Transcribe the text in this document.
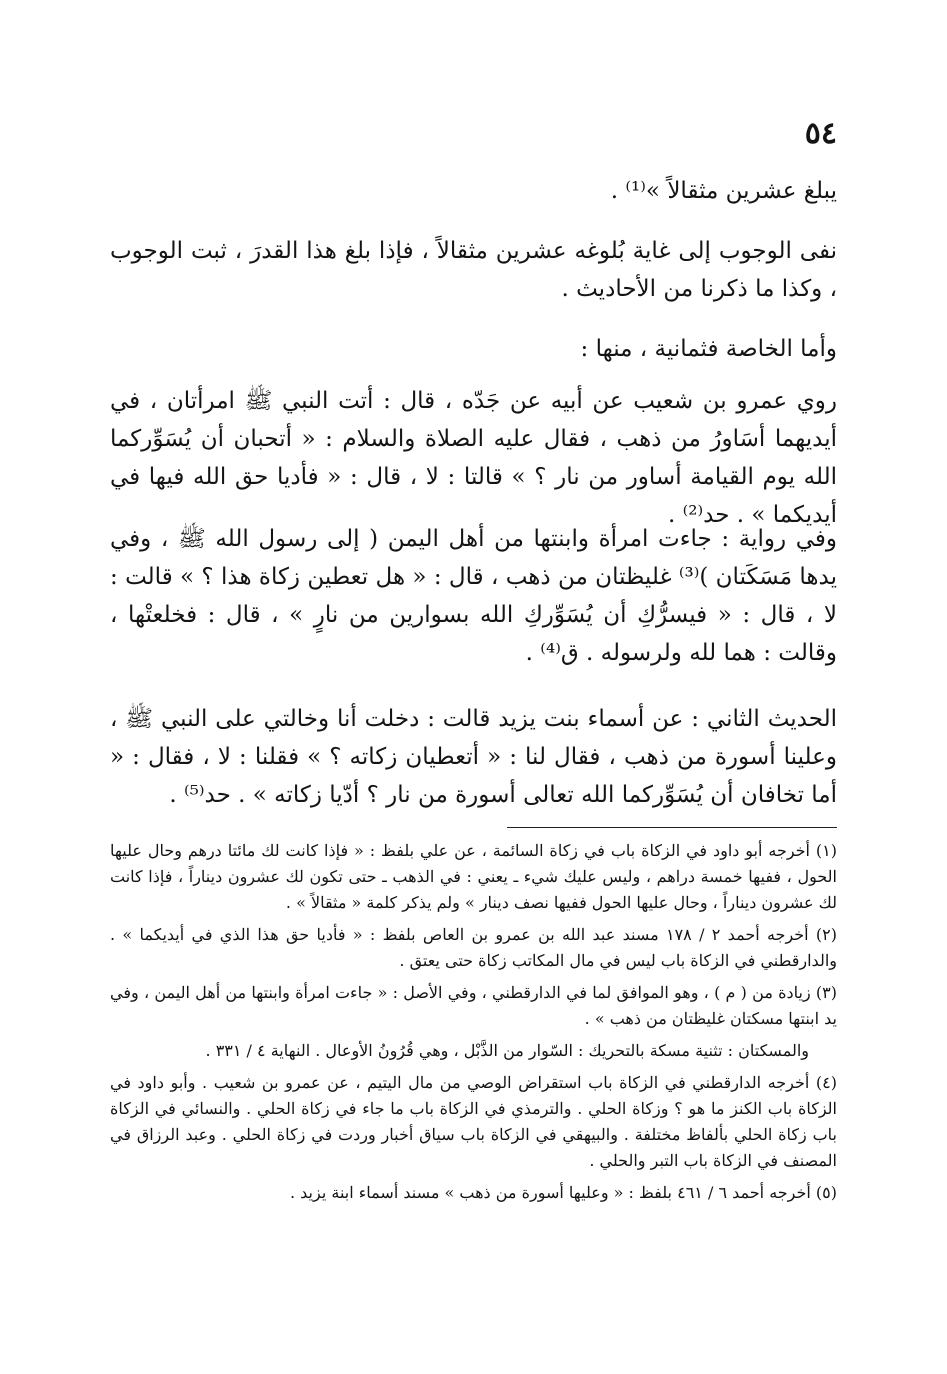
٥٤

يبلغ عشرين مثقالاً »⁽¹⁾ .

نفى الوجوب إلى غاية بُلوغه عشرين مثقالاً ، فإذا بلغ هذا القدرَ ، ثبت الوجوب ، وكذا ما ذكرنا من الأحاديث .

وأما الخاصة فثمانية ، منها :

روي عمرو بن شعيب عن أبيه عن جَدّه ، قال : أتت النبي ﷺ امرأتان ، في أيديهما أسَاورُ من ذهب ، فقال عليه الصلاة والسلام : « أتحبان أن يُسَوِّركما الله يوم القيامة أساور من نار ؟ » قالتا : لا ، قال : « فأديا حق الله فيها في أيديكما » . حد⁽²⁾ .

وفي رواية : جاءت امرأة وابنتها من أهل اليمن ( إلى رسول الله ﷺ ، وفي يدها مَسَكَتان )⁽³⁾ غليظتان من ذهب ، قال : « هل تعطين زكاة هذا ؟ » قالت : لا ، قال : « فيسرُّكِ أن يُسَوِّركِ الله بسوارين من نارٍ » ، قال : فخلعتْها ، وقالت : هما لله ولرسوله . ق⁽⁴⁾ .

الحديث الثاني : عن أسماء بنت يزيد قالت : دخلت أنا وخالتي على النبي ﷺ ، وعلينا أسورة من ذهب ، فقال لنا : « أتعطيان زكاته ؟ » فقلنا : لا ، فقال : « أما تخافان أن يُسَوِّركما الله تعالى أسورة من نار ؟ أدّيا زكاته » . حد⁽⁵⁾ .

(١) أخرجه أبو داود في الزكاة باب في زكاة السائمة ، عن علي بلفظ : « فإذا كانت لك مائتا درهم وحال عليها الحول ، ففيها خمسة دراهم ، وليس عليك شيء ـ يعني : في الذهب ـ حتى تكون لك عشرون ديناراً ، فإذا كانت لك عشرون ديناراً ، وحال عليها الحول ففيها نصف دينار » ولم يذكر كلمة « مثقالاً » .
(٢) أخرجه أحمد ٢ / ١٧٨ مسند عبد الله بن عمرو بن العاص بلفظ : « فأديا حق هذا الذي في أيديكما » . والدارقطني في الزكاة باب ليس في مال المكاتب زكاة حتى يعتق .
(٣) زيادة من ( م ) ، وهو الموافق لما في الدارقطني ، وفي الأصل : « جاءت امرأة وابنتها من أهل اليمن ، وفي يد ابنتها مسكتان غليظتان من ذهب » .
والمسكتان : تثنية مسكة بالتحريك : السّوار من الذَّبْل ، وهي قُرُونُ الأوعال . النهاية ٤ / ٣٣١ .
(٤) أخرجه الدارقطني في الزكاة باب استقراض الوصي من مال اليتيم ، عن عمرو بن شعيب . وأبو داود في الزكاة باب الكنز ما هو ؟ وزكاة الحلي . والترمذي في الزكاة باب ما جاء في زكاة الحلي . والنسائي في الزكاة باب زكاة الحلي بألفاظ مختلفة . والبيهقي في الزكاة باب سياق أخبار وردت في زكاة الحلي . وعبد الرزاق في المصنف في الزكاة باب التبر والحلي .
(٥) أخرجه أحمد ٦ / ٤٦١ بلفظ : « وعليها أسورة من ذهب » مسند أسماء ابنة يزيد .
